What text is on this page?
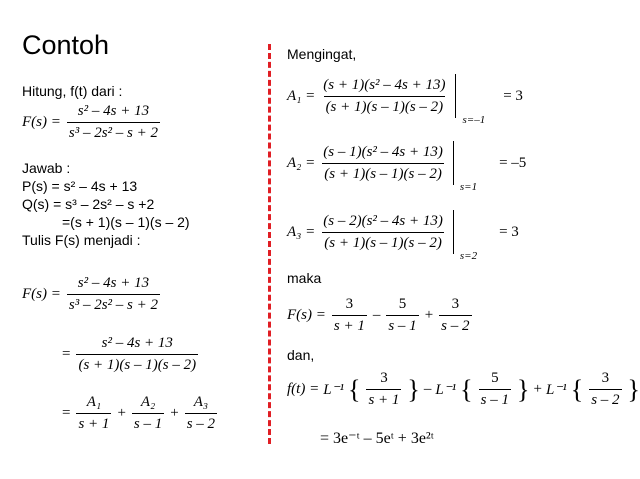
Contoh
Hitung, f(t) dari :
$F(s) = \frac{\text{s² – 4s + 13}}{\text{s³ – 2s² – s + 2}}$
Jawab :
P(s) = s² – 4s + 13
Q(s) = s³ – 2s² – s +2
=(s + 1)(s – 1)(s – 2)
Tulis F(s) menjadi :
$F(s) = \frac{\text{s² – 4s + 13}}{\text{s³ – 2s² – s + 2}}$
= $\frac{\text{s² – 4s + 13}}{(s + 1)(s - 1)(s - 2)}$
= $\frac{\text{A₁}}{s + 1} + \frac{\text{A₂}}{s - 1} + \frac{\text{A₃}}{s - 2}$
Mengingat,
$A_1 = \frac{\text{(s + 1)(s² – 4s + 13)}}{(s + 1)(s - 1)(s - 2)}$
s=–1
= 3
$A_2 = \frac{\text{(s – 1)(s² – 4s + 13)}}{(s + 1)(s - 1)(s - 2)}$
s=1
= –5
$A_3 = \frac{\text{(s – 2)(s² – 4s + 13)}}{(s + 1)(s - 1)(s - 2)}$
s=2
= 3
maka
$F(s) = \frac{3}{s + 1} - \frac{5}{s - 1} + \frac{3}{s - 2}$
dan,
f(t) = L⁻¹ { $\frac{3}{s + 1}$ } – L⁻¹ { $\frac{5}{s - 1}$ } + L⁻¹ { $\frac{3}{s - 2}$ }
= 3e⁻ᵗ – 5eᵗ + 3e²ᵗ
